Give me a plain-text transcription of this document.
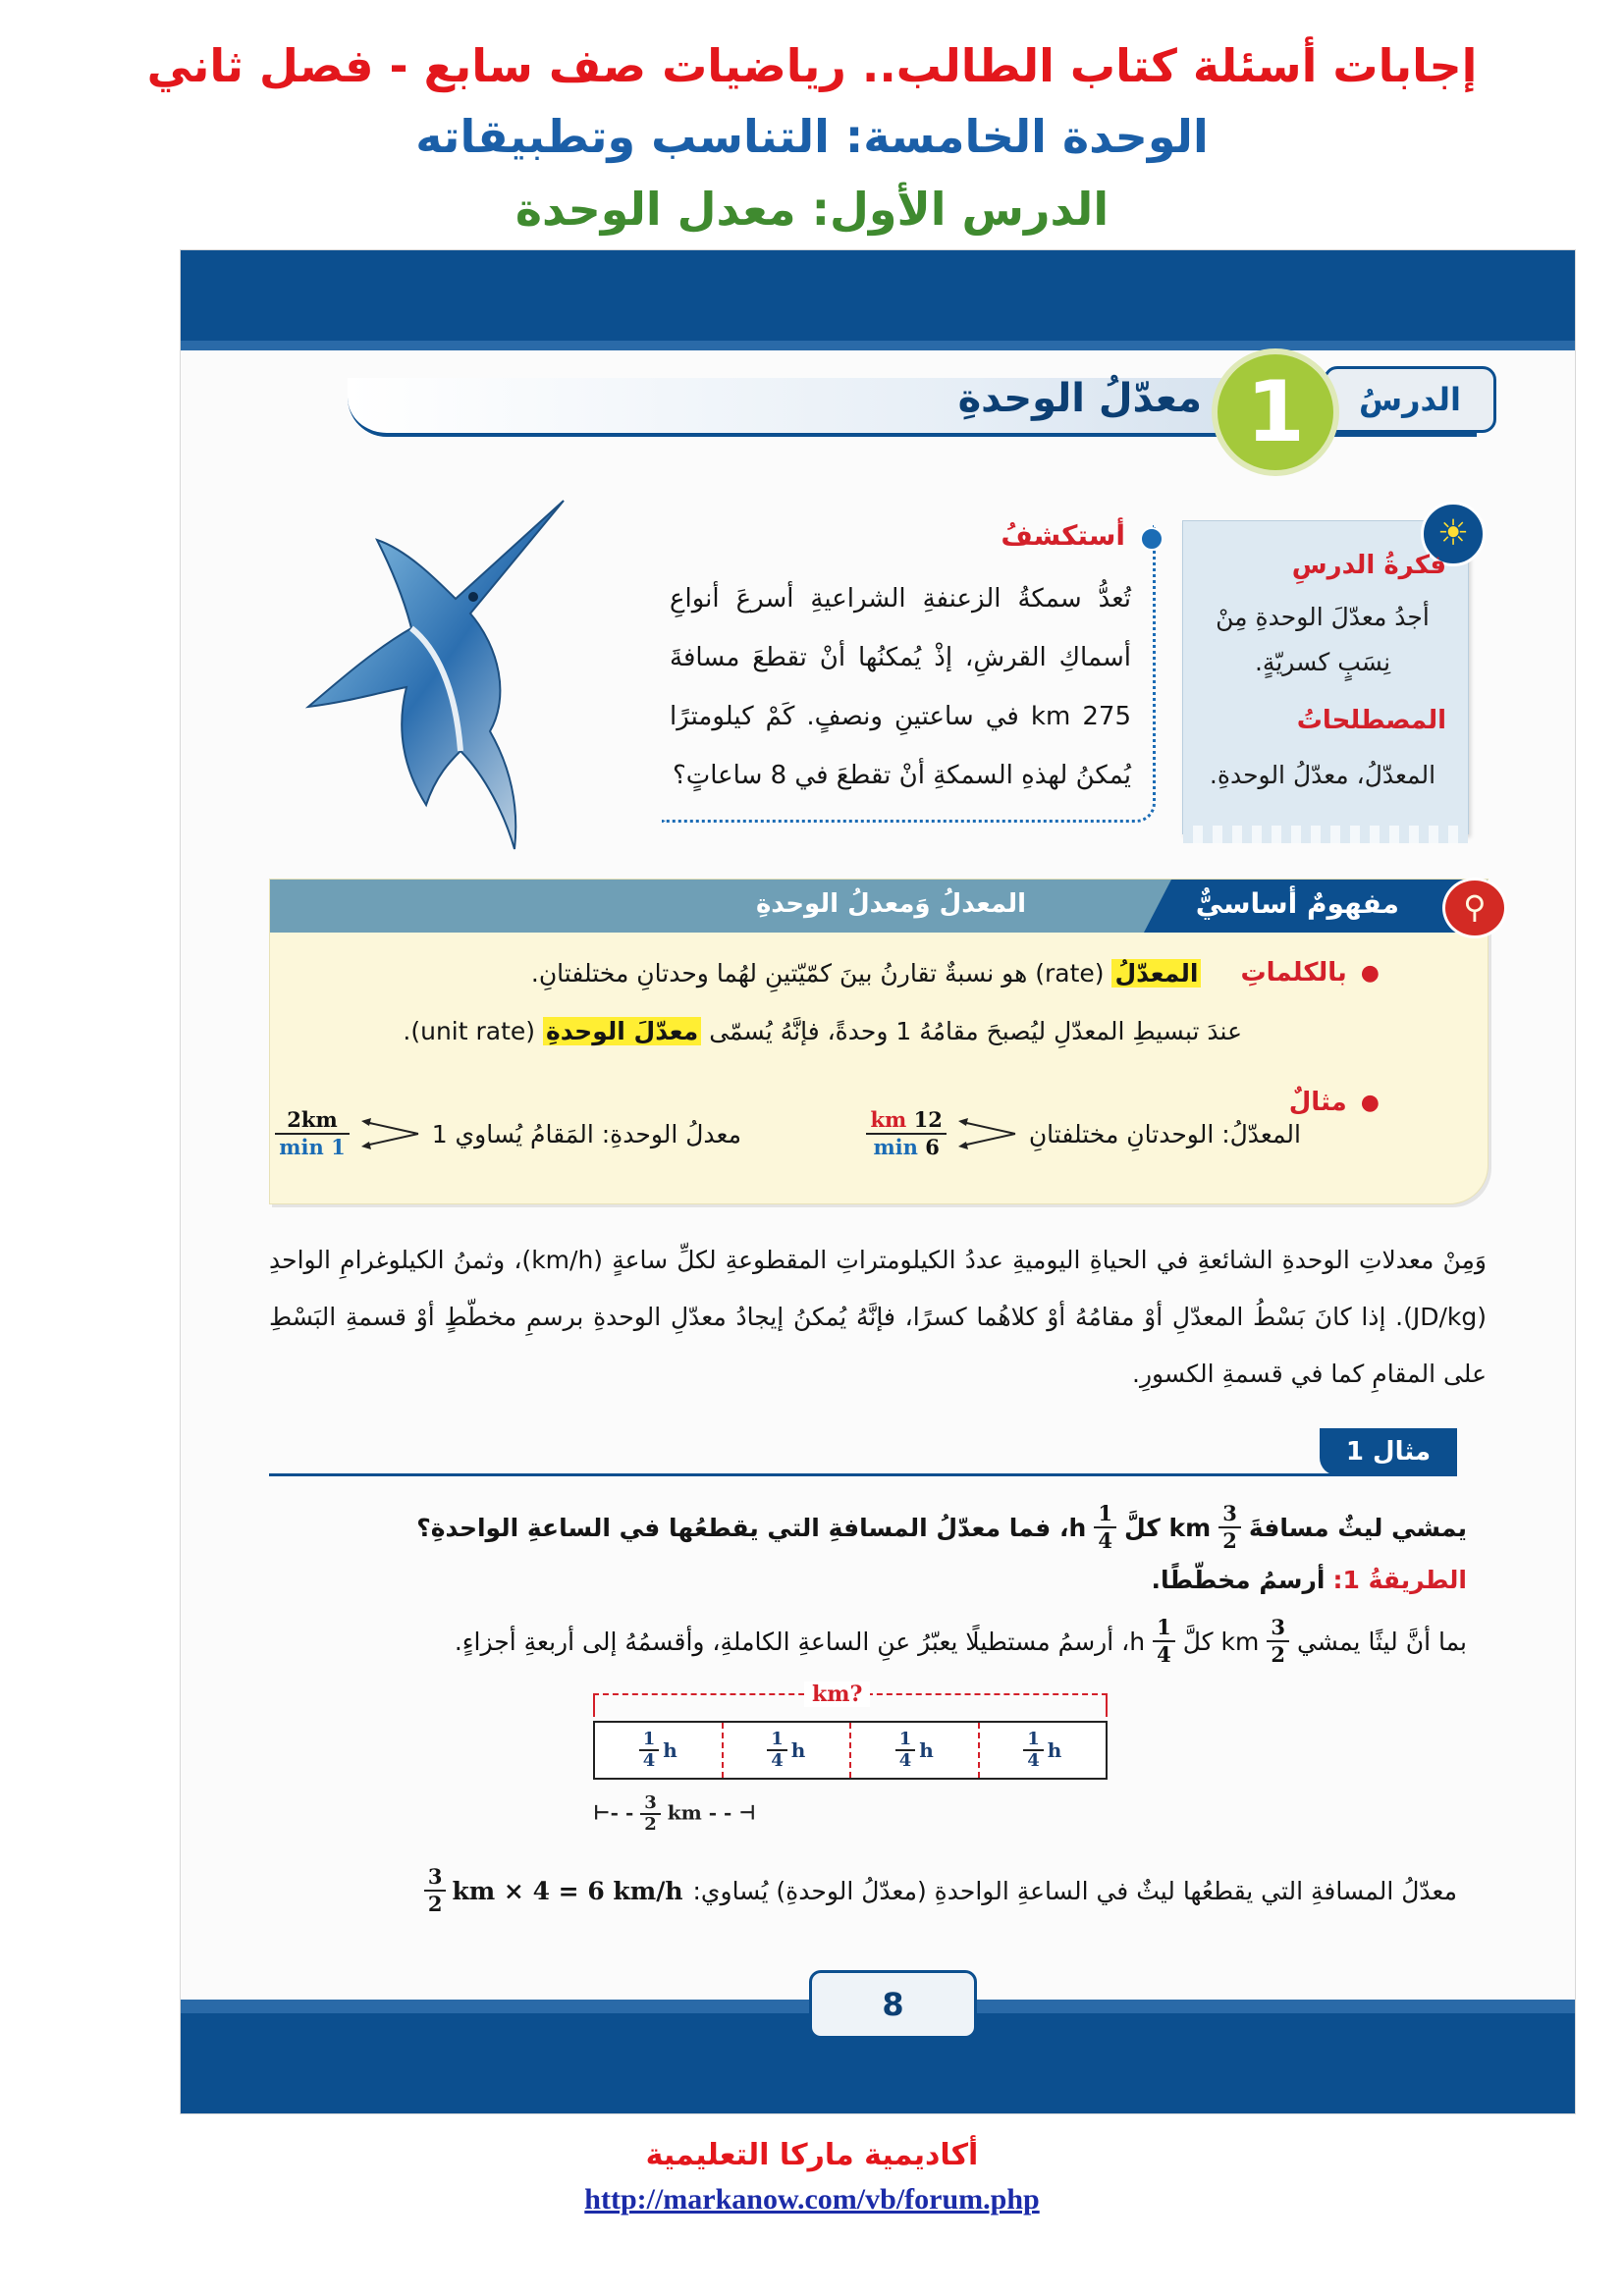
إجابات أسئلة كتاب الطالب.. رياضيات صف سابع - فصل ثاني
الوحدة الخامسة: التناسب وتطبيقاته
الدرس الأول: معدل الوحدة
الدرسُ
1
معدّلُ الوحدةِ
☀
فكرةُ الدرسِ
أجدُ معدّلَ الوحدةِ مِنْ نِسَبٍ كسريّةٍ.
المصطلحاتُ
المعدّلُ، معدّلُ الوحدةِ.
أستكشفُ
تُعدُّ سمكةُ الزعنفةِ الشراعيةِ أسرعَ أنواعِ أسماكِ القرشِ، إذْ يُمكنُها أنْ تقطعَ مسافةَ 275 km في ساعتينِ ونصفٍ. كَمْ كيلومترًا يُمكنُ لهذهِ السمكةِ أنْ تقطعَ في 8 ساعاتٍ؟
⚲
مفهومٌ أساسيٌّ
المعدلُ وَمعدلُ الوحدةِ
●
بالكلماتِ
المعدّلُ (rate) هو نسبةٌ تقارنُ بينَ كمّيّتينِ لهُما وحدتانِ مختلفتانِ.
عندَ تبسيطِ المعدّلِ ليُصبحَ مقامُهُ 1 وحدةً، فإنَّهُ يُسمّى معدّلَ الوحدةِ (unit rate).
●
مثالٌ
المعدّلُ: الوحدتانِ مختلفتانِ
$\frac{12 km}{6 \min}$
معدلُ الوحدةِ: المَقامُ يُساوي 1
$\frac{2km}{1 \min}$
وَمِنْ معدلاتِ الوحدةِ الشائعةِ في الحياةِ اليوميةِ عددُ الكيلومتراتِ المقطوعةِ لكلِّ ساعةٍ (km/h)، وثمنُ الكيلوغرامِ الواحدِ (JD/kg). إذا كانَ بَسْطُ المعدّلِ أوْ مقامُهُ أوْ كلاهُما كسرًا، فإنَّهُ يُمكنُ إيجادُ معدّلِ الوحدةِ برسمِ مخطّطٍ أوْ قسمةِ البَسْطِ على المقامِ كما في قسمةِ الكسورِ.
مثال 1
يمشي ليثٌ مسافةَ
$\frac{3}{2}$
km كلَّ
$\frac{1}{4}$
h، فما معدّلُ المسافةِ التي يقطعُها في الساعةِ الواحدةِ؟
الطريقةُ 1:
أرسمُ مخطّطًا.
بما أنَّ ليثًا يمشي
$\frac{3}{2}$
km كلَّ
$\frac{1}{4}$
h، أرسمُ مستطيلًا يعبّرُ عنِ الساعةِ الكاملةِ، وأقسمُهُ إلى أربعةِ أجزاءٍ.
km?
$\frac{1}{4}$ h	$\frac{1}{4}$ h	$\frac{1}{4}$ h	$\frac{1}{4}$ h
⊢- - $\frac{3}{2}$ km - - ⊣
معدّلُ المسافةِ التي يقطعُها ليثٌ في الساعةِ الواحدةِ (معدّلُ الوحدةِ) يُساوي:
$\frac{3}{2}$ km × 4 = 6 km/h
8
أكاديمية ماركا التعليمية
http://markanow.com/vb/forum.php
